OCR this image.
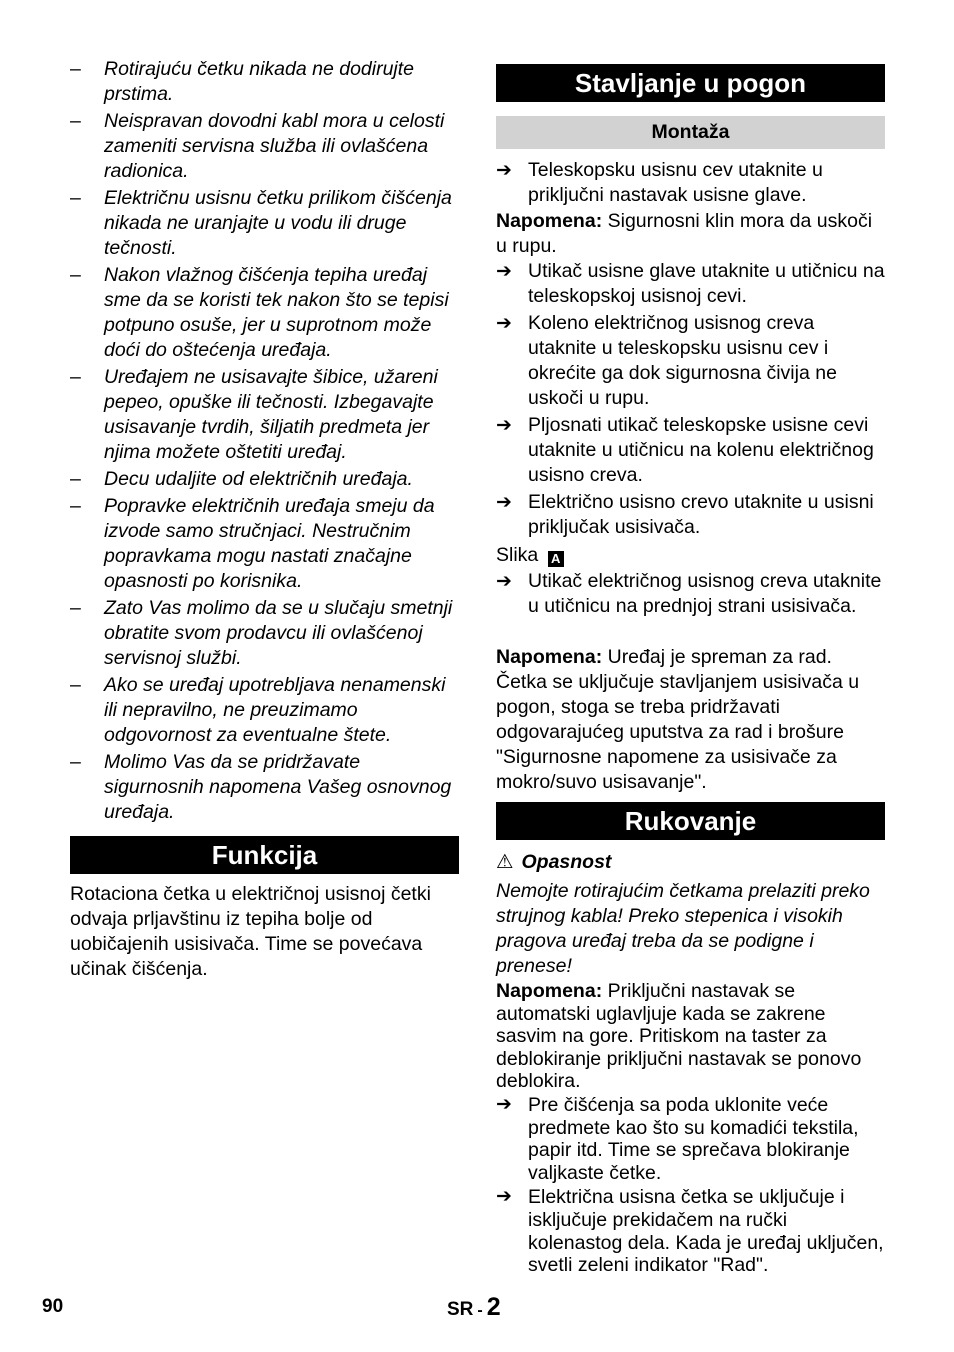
– Rotirajuću četku nikada ne dodirujte prstima.
– Neispravan dovodni kabl mora u celosti zameniti servisna služba ili ovlašćena radionica.
– Električnu usisnu četku prilikom čišćenja nikada ne uranjajte u vodu ili druge tečnosti.
– Nakon vlažnog čišćenja tepiha uređaj sme da se koristi tek nakon što se tepisi potpuno osuše, jer u suprotnom može doći do oštećenja uređaja.
– Uređajem ne usisavajte šibice, užareni pepeo, opuške ili tečnosti. Izbegavajte usisavanje tvrdih, šiljatih predmeta jer njima možete oštetiti uređaj.
– Decu udaljite od električnih uređaja.
– Popravke električnih uređaja smeju da izvode samo stručnjaci. Nestručnim popravkama mogu nastati značajne opasnosti po korisnika.
– Zato Vas molimo da se u slučaju smetnji obratite svom prodavcu ili ovlašćenoj servisnoj službi.
– Ako se uređaj upotrebljava nenamenski ili nepravilno, ne preuzimamo odgovornost za eventualne štete.
– Molimo Vas da se pridržavate sigurnosnih napomena Vašeg osnovnog uređaja.
Funkcija
Rotaciona četka u električnoj usisnoj četki odvaja prljavštinu iz tepiha bolje od uobičajenih usisivača. Time se povećava učinak čišćenja.
Stavljanje u pogon
Montaža
➔ Teleskopsku usisnu cev utaknite u priključni nastavak usisne glave.
Napomena: Sigurnosni klin mora da uskoči u rupu.
➔ Utikač usisne glave utaknite u utičnicu na teleskopskoj usisnoj cevi.
➔ Koleno električnog usisnog creva utaknite u teleskopsku usisnu cev i okrećite ga dok sigurnosna čivija ne uskoči u rupu.
➔ Pljosnati utikač teleskopske usisne cevi utaknite u utičnicu na kolenu električnog usisno creva.
➔ Električno usisno crevo utaknite u usisni priključak usisivača.
Slika A
➔ Utikač električnog usisnog creva utaknite u utičnicu na prednjoj strani usisivača.
Napomena: Uređaj je spreman za rad. Četka se uključuje stavljanjem usisivača u pogon, stoga se treba pridržavati odgovarajućeg uputstva za rad i brošure "Sigurnosne napomene za usisivače za mokro/suvo usisavanje".
Rukovanje
⚠ Opasnost
Nemojte rotirajućim četkama prelaziti preko strujnog kabla! Preko stepenica i visokih pragova uređaj treba da se podigne i prenese!
Napomena: Priključni nastavak se automatski uglavljuje kada se zakrene sasvim na gore. Pritiskom na taster za deblokiranje priključni nastavak se ponovo deblokira.
➔ Pre čišćenja sa poda uklonite veće predmete kao što su komadići tekstila, papir itd. Time se sprečava blokiranje valjkaste četke.
➔ Električna usisna četka se uključuje i isključuje prekidačem na ručki kolenastog dela. Kada je uređaj uključen, svetli zeleni indikator "Rad".
90	SR - 2
